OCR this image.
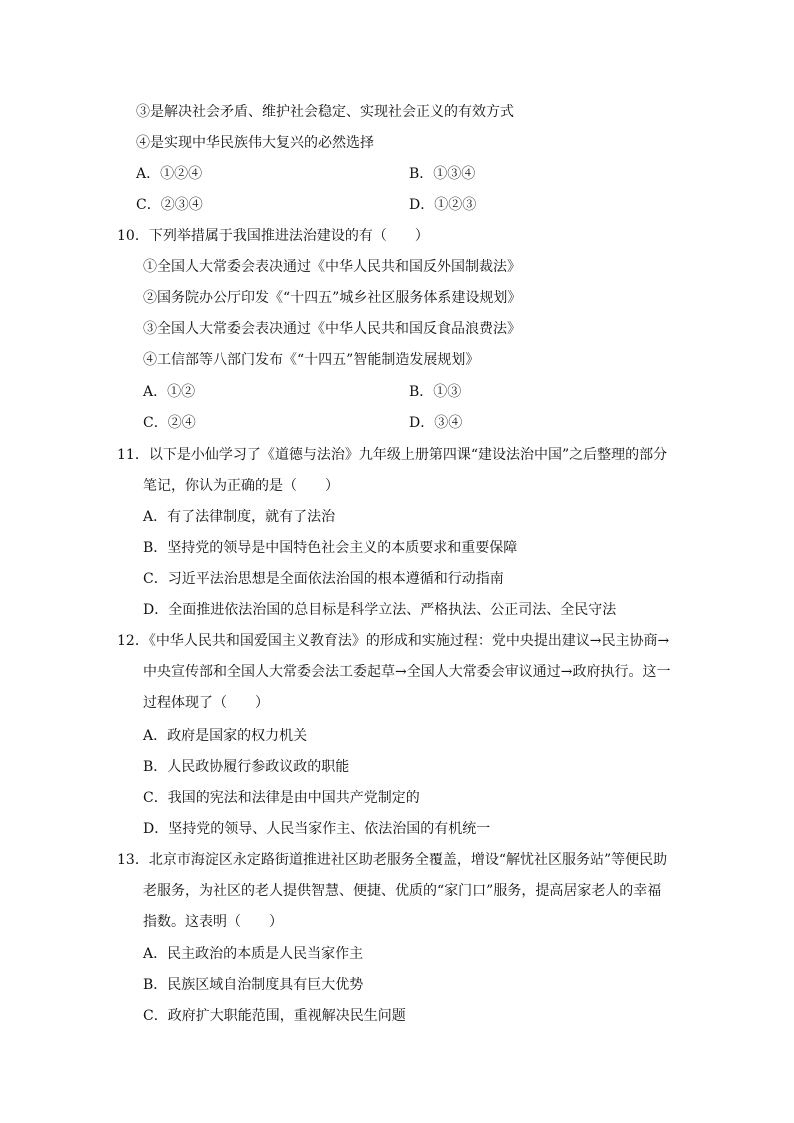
③是解决社会矛盾、维护社会稳定、实现社会正义的有效方式
④是实现中华民族伟大复兴的必然选择
A．①②④	B．①③④
C．②③④	D．①②③
10．下列举措属于我国推进法治建设的有（　　）
①全国人大常委会表决通过《中华人民共和国反外国制裁法》
②国务院办公厅印发《“十四五”城乡社区服务体系建设规划》
③全国人大常委会表决通过《中华人民共和国反食品浪费法》
④工信部等八部门发布《“十四五”智能制造发展规划》
A．①②	B．①③
C．②④	D．③④
11．以下是小仙学习了《道德与法治》九年级上册第四课“建设法治中国”之后整理的部分
笔记，你认为正确的是（　　）
A．有了法律制度，就有了法治
B．坚持党的领导是中国特色社会主义的本质要求和重要保障
C．习近平法治思想是全面依法治国的根本遵循和行动指南
D．全面推进依法治国的总目标是科学立法、严格执法、公正司法、全民守法
12．《中华人民共和国爱国主义教育法》的形成和实施过程：党中央提出建议→民主协商→
中央宣传部和全国人大常委会法工委起草→全国人大常委会审议通过→政府执行。这一
过程体现了（　　）
A．政府是国家的权力机关
B．人民政协履行参政议政的职能
C．我国的宪法和法律是由中国共产党制定的
D．坚持党的领导、人民当家作主、依法治国的有机统一
13．北京市海淀区永定路街道推进社区助老服务全覆盖，增设“解忧社区服务站”等便民助
老服务，为社区的老人提供智慧、便捷、优质的“家门口”服务，提高居家老人的幸福
指数。这表明（　　）
A．民主政治的本质是人民当家作主
B．民族区域自治制度具有巨大优势
C．政府扩大职能范围，重视解决民生问题
